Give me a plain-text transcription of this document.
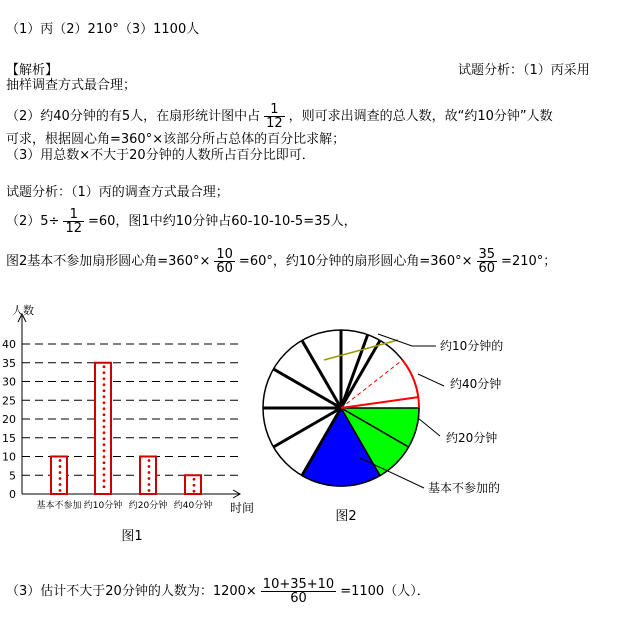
（1）丙（2）210°（3）1100人
【解析】	试题分析：（1）丙采用
抽样调查方式最合理；
（2）约40分钟的有5人，在扇形统计图中占 $\frac{1}{12}$ ，则可求出调查的总人数，故“约10分钟”人数
可求，根据圆心角=360°×该部分所占总体的百分比求解；
（3）用总数×不大于20分钟的人数所占百分比即可．
试题分析：（1）丙的调查方式最合理；
$(2)5\div \frac{1}{12} =60$，图1中约10分钟占60-10-10-5=35人，
图2基本不参加扇形圆心角$=360^\circ\times \frac{10}{60} =60^\circ$，约10分钟的扇形圆心角$=360^\circ\times \frac{35}{60} =210^\circ$；
人数
时间
0
5
10
15
20
25
30
35
40
基本不参加 约10分钟 约20分钟 约40分钟
图1
约10分钟的
约40分钟
约20分钟
基本不参加的
图2
（3）估计不大于20分钟的人数为：$1200\times \frac{10+35+10}{60} =1100$（人）．
